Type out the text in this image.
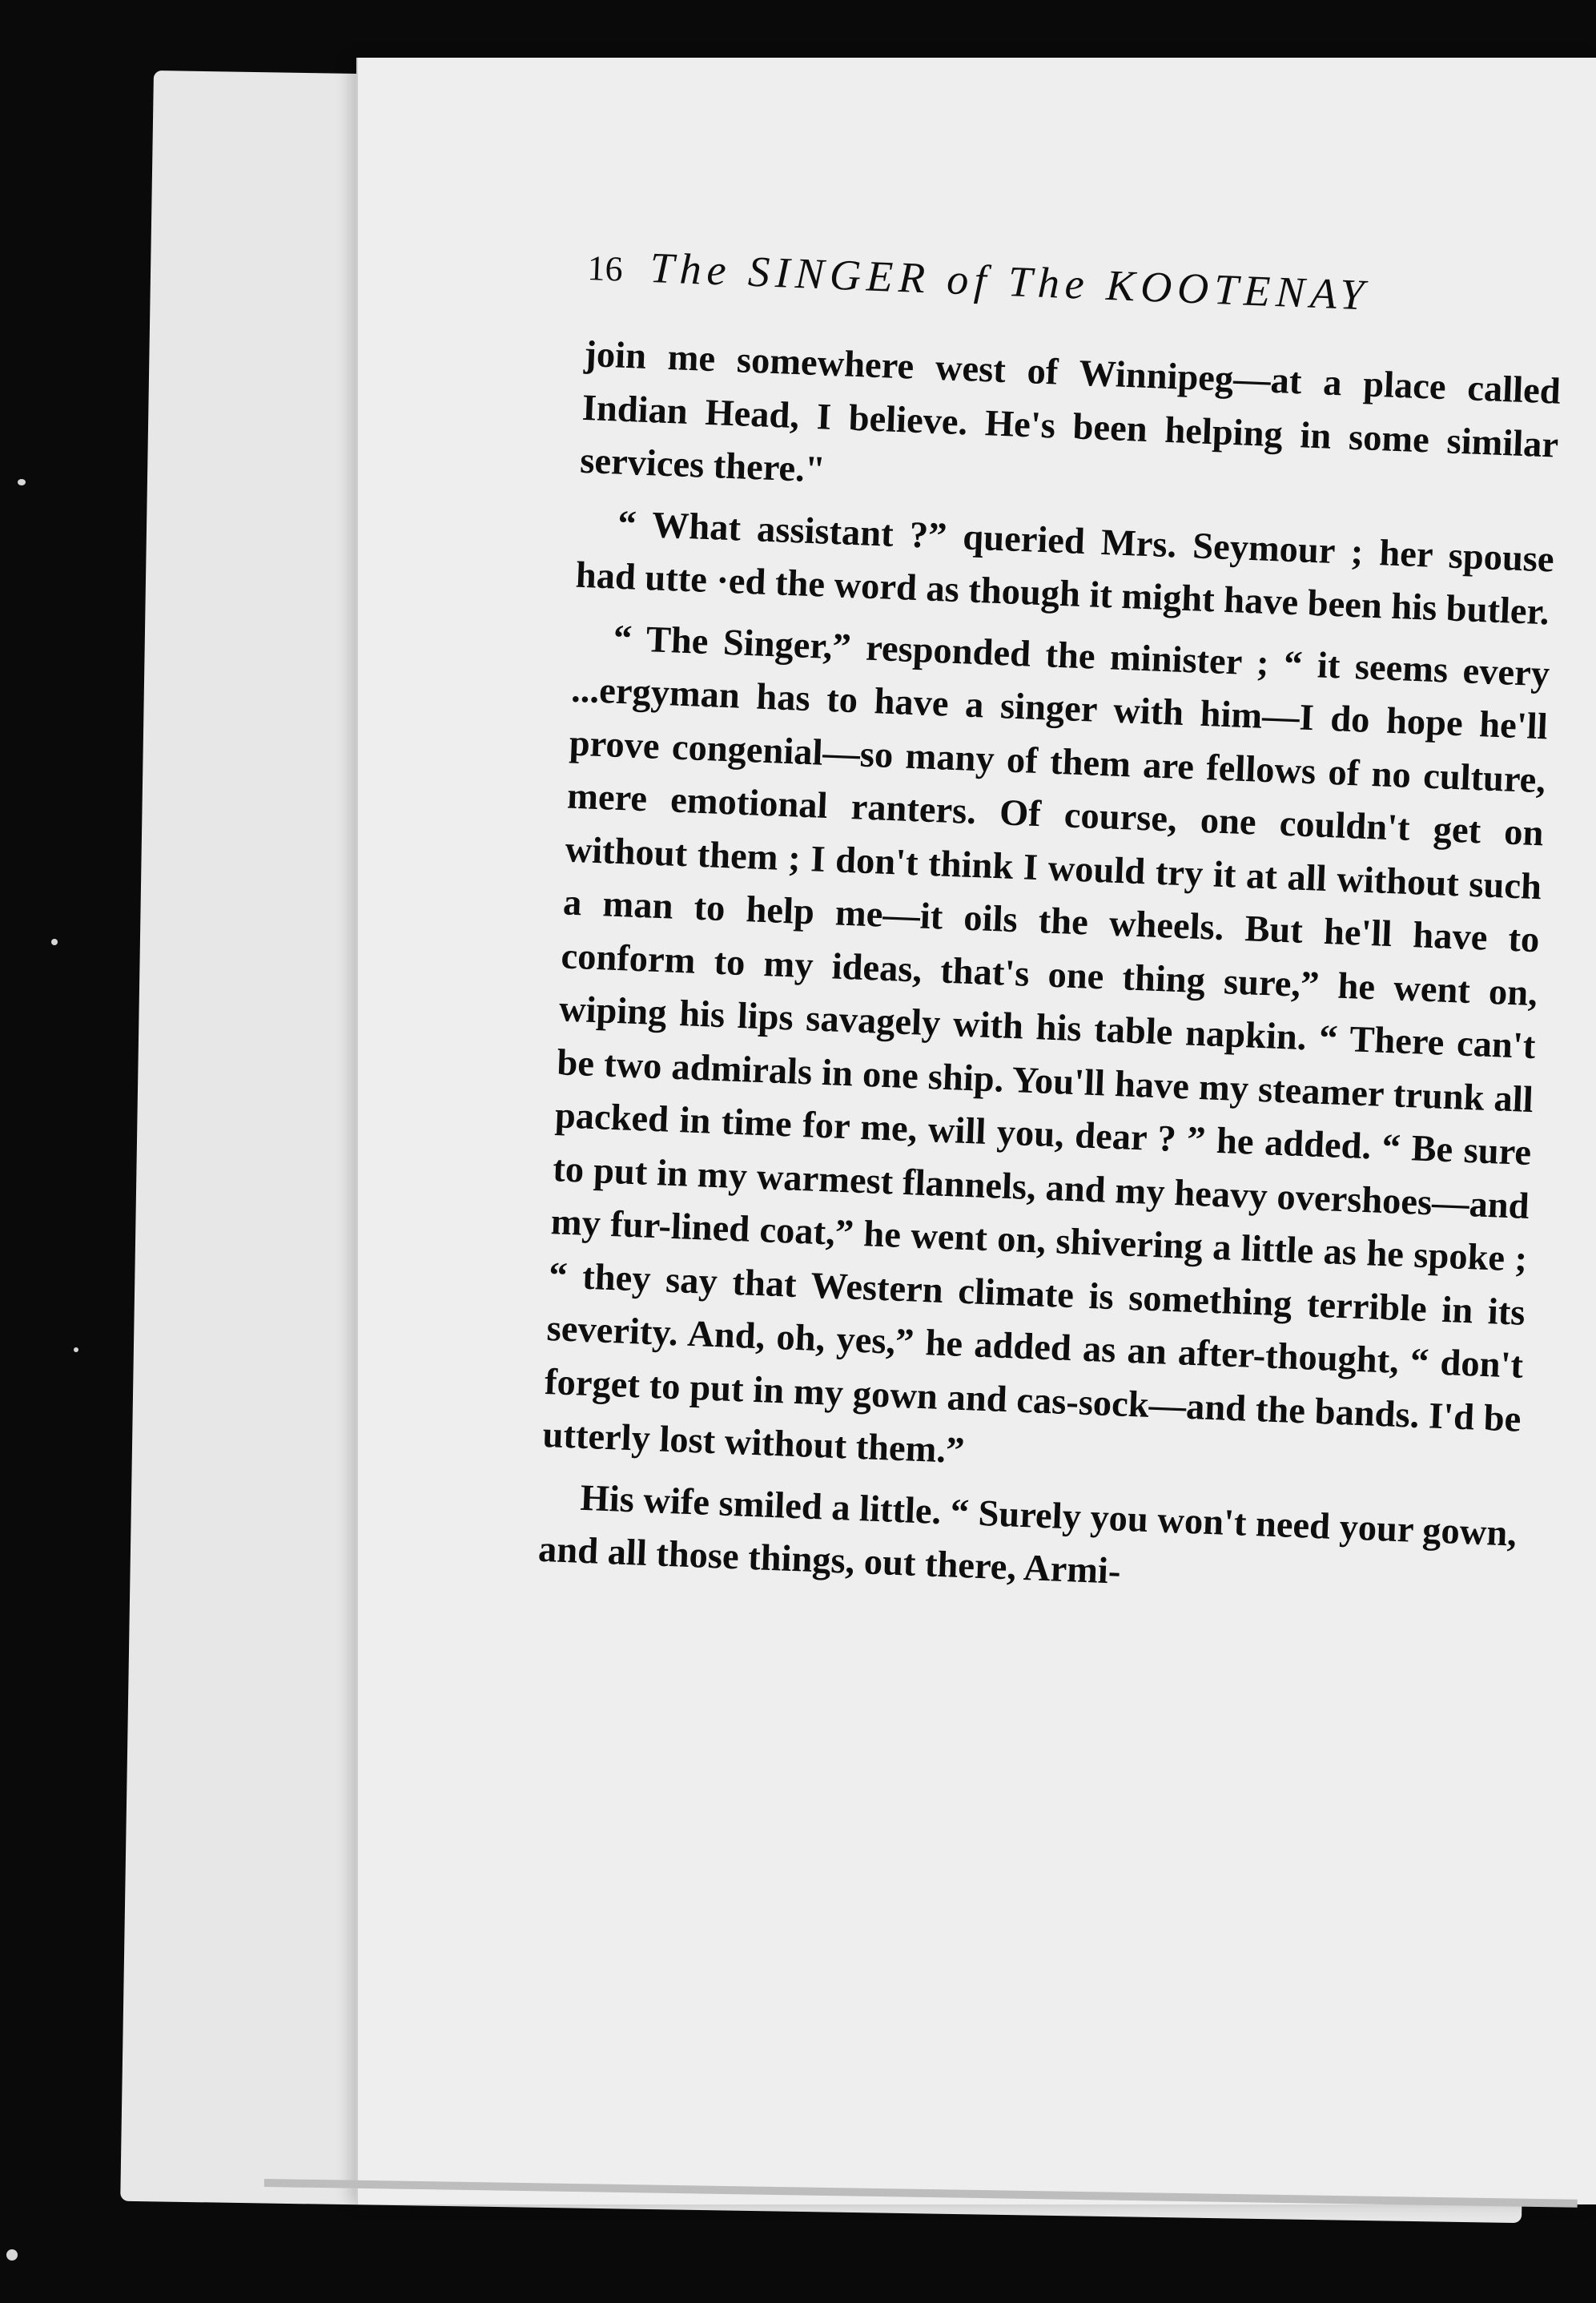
16 The SINGER of The KOOTENAY

join me somewhere west of Winnipeg—at a place called Indian Head, I believe. He's been helping in some similar services there."

“ What assistant ?” queried Mrs. Seymour ; her spouse had utte ·ed the word as though it might have been his butler.

“ The Singer,” responded the minister ; “ it seems every ...ergyman has to have a singer with him—I do hope he'll prove congenial—so many of them are fellows of no culture, mere emotional ranters. Of course, one couldn't get on without them ; I don't think I would try it at all without such a man to help me—it oils the wheels. But he'll have to conform to my ideas, that's one thing sure,” he went on, wiping his lips savagely with his table napkin. “ There can't be two admirals in one ship. You'll have my steamer trunk all packed in time for me, will you, dear ? ” he added. “ Be sure to put in my warmest flannels, and my heavy overshoes—and my fur-lined coat,” he went on, shivering a little as he spoke ; “ they say that Western climate is something terrible in its severity. And, oh, yes,” he added as an after-thought, “ don't forget to put in my gown and cas-sock—and the bands. I'd be utterly lost without them.”

His wife smiled a little. “ Surely you won't need your gown, and all those things, out there, Armi-
